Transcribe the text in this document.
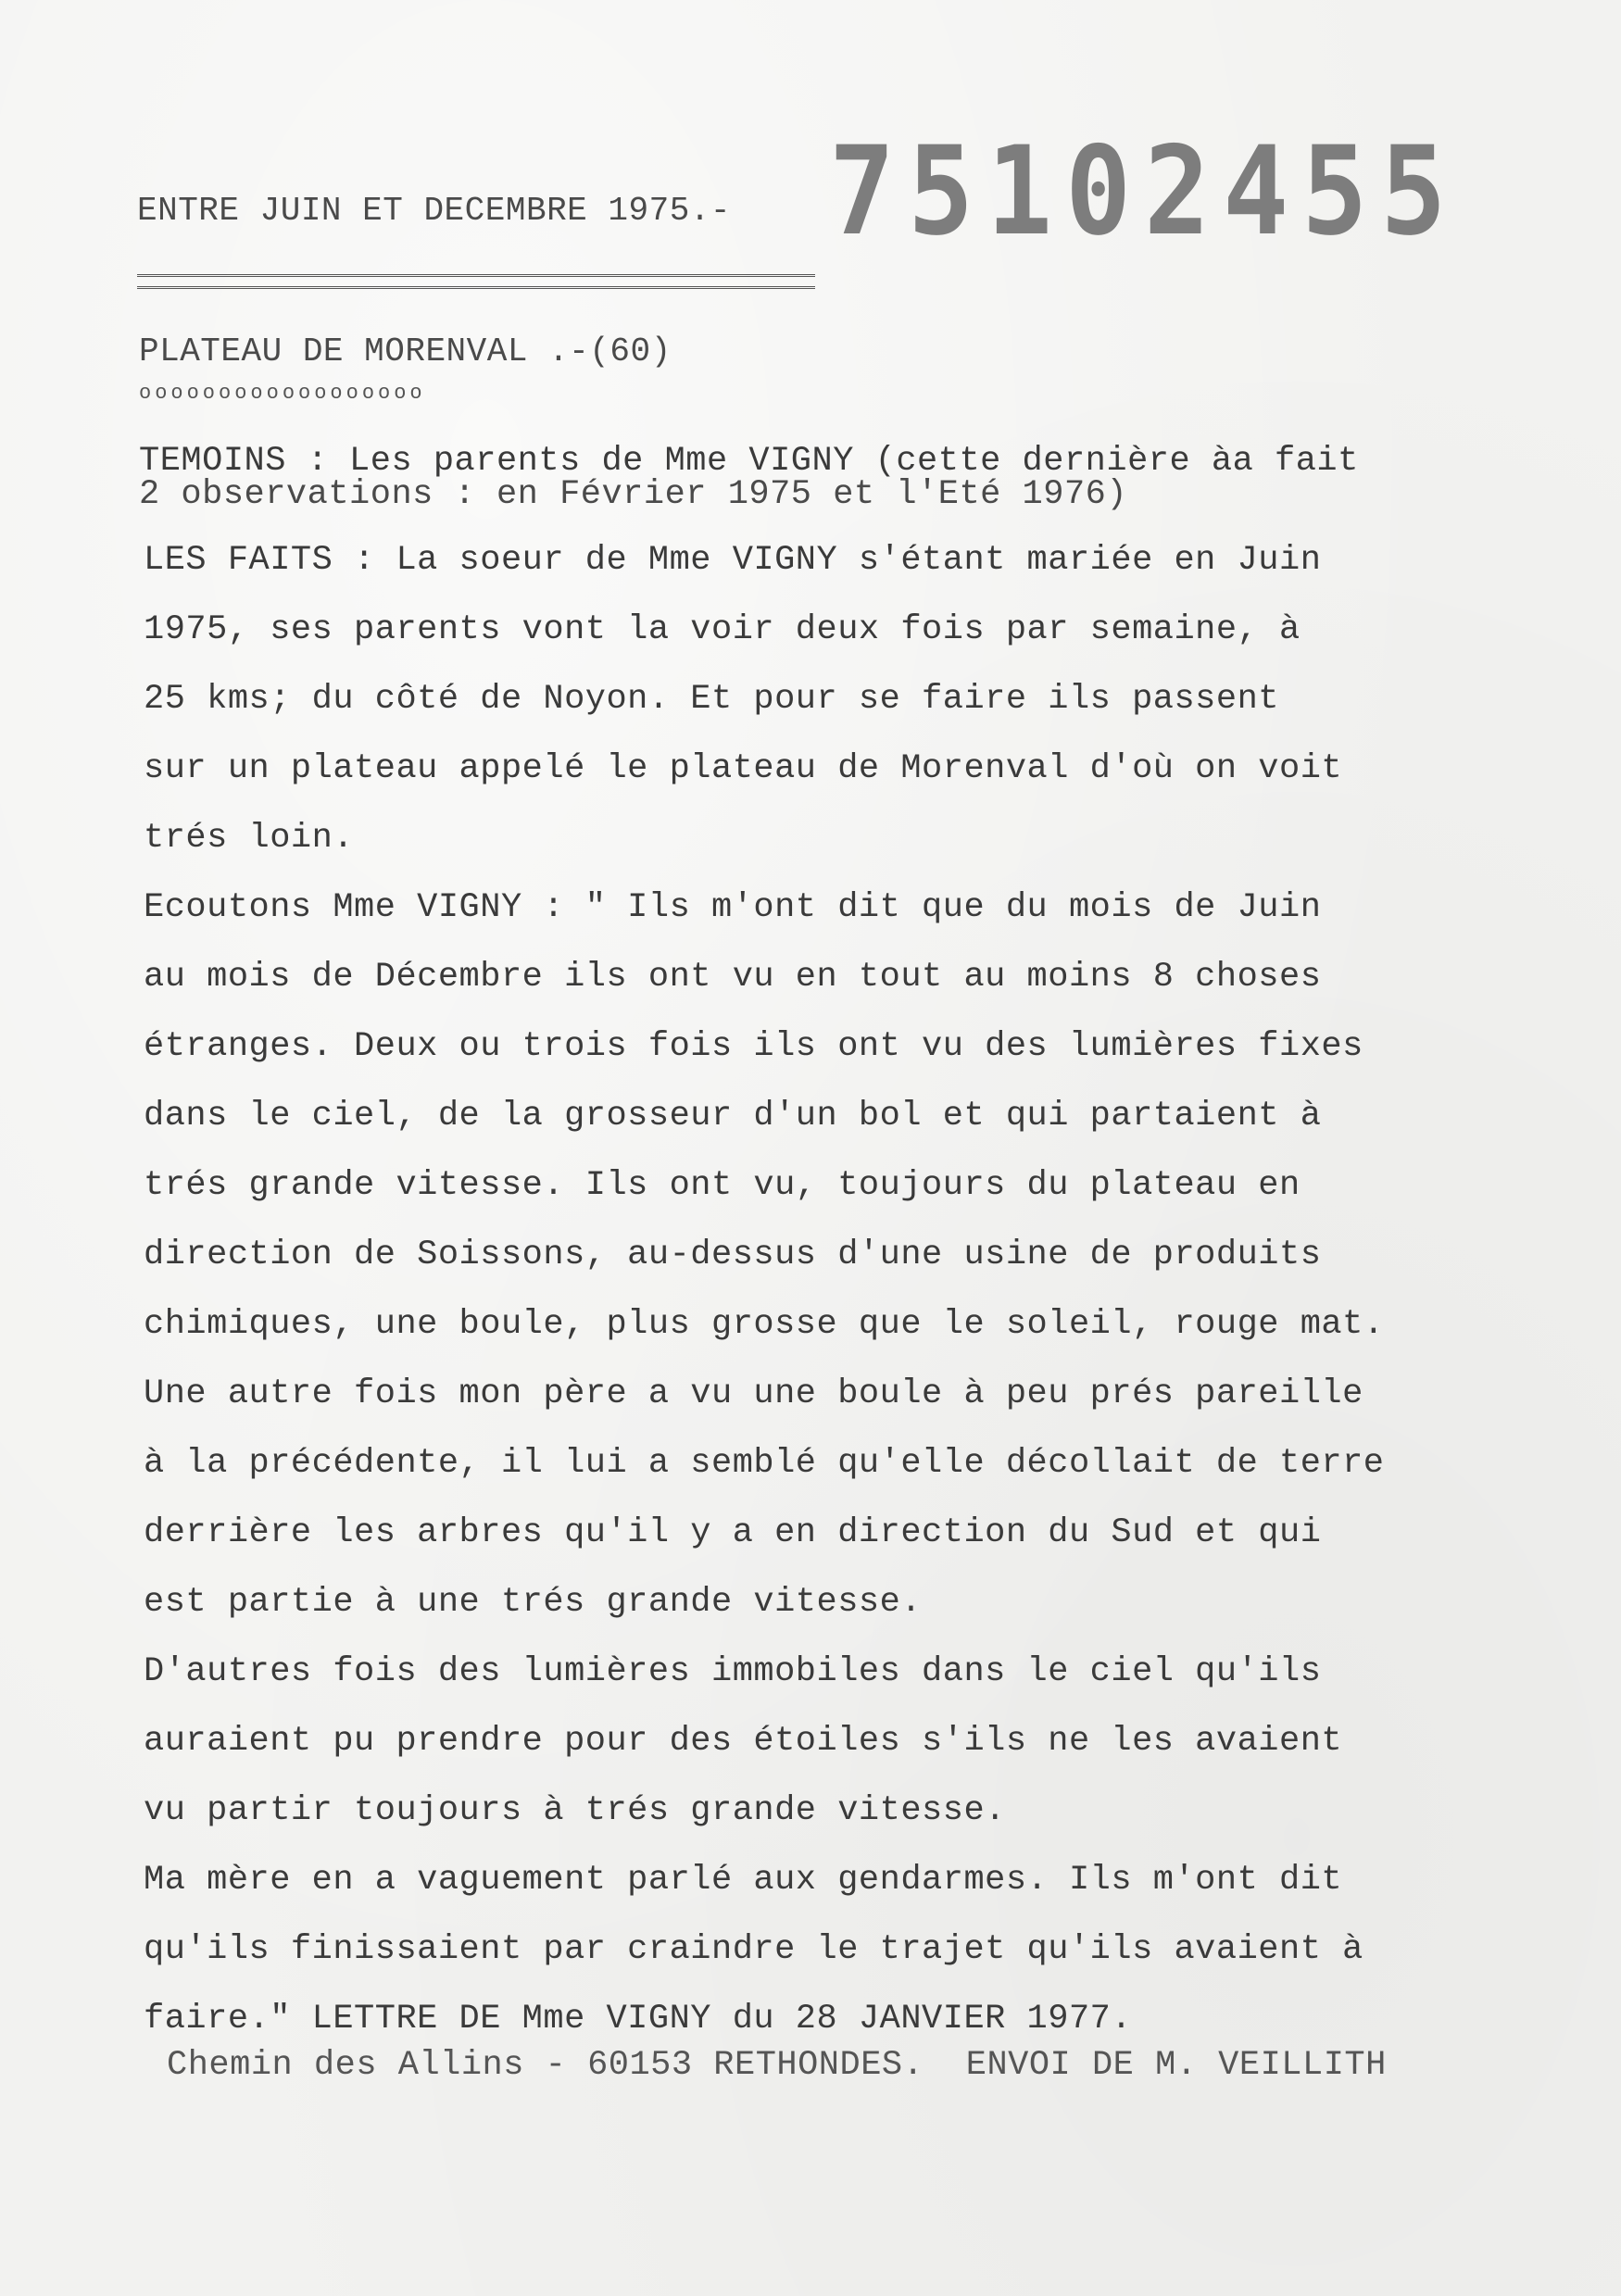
75102455
ENTRE JUIN ET DECEMBRE 1975.-
PLATEAU DE MORENVAL .-(60)
oooooooooooooooooo
TEMOINS : Les parents de Mme VIGNY (cette dernière àa fait
2 observations : en Février 1975 et l'Eté 1976)
LES FAITS : La soeur de Mme VIGNY s'étant mariée en Juin
1975, ses parents vont la voir deux fois par semaine, à
25 kms; du côté de Noyon. Et pour se faire ils passent
sur un plateau appelé le plateau de Morenval d'où on voit
trés loin.
Ecoutons Mme VIGNY : " Ils m'ont dit que du mois de Juin
au mois de Décembre ils ont vu en tout au moins 8 choses
étranges. Deux ou trois fois ils ont vu des lumières fixes
dans le ciel, de la grosseur d'un bol et qui partaient à
trés grande vitesse. Ils ont vu, toujours du plateau en
direction de Soissons, au-dessus d'une usine de produits
chimiques, une boule, plus grosse que le soleil, rouge mat.
Une autre fois mon père a vu une boule à peu prés pareille
à la précédente, il lui a semblé qu'elle décollait de terre
derrière les arbres qu'il y a en direction du Sud et qui
est partie à une trés grande vitesse.
D'autres fois des lumières immobiles dans le ciel qu'ils
auraient pu prendre pour des étoiles s'ils ne les avaient
vu partir toujours à trés grande vitesse.
Ma mère en a vaguement parlé aux gendarmes. Ils m'ont dit
qu'ils finissaient par craindre le trajet qu'ils avaient à
faire." LETTRE DE Mme VIGNY du 28 JANVIER 1977.
Chemin des Allins - 60153 RETHONDES.  ENVOI DE M. VEILLITH
